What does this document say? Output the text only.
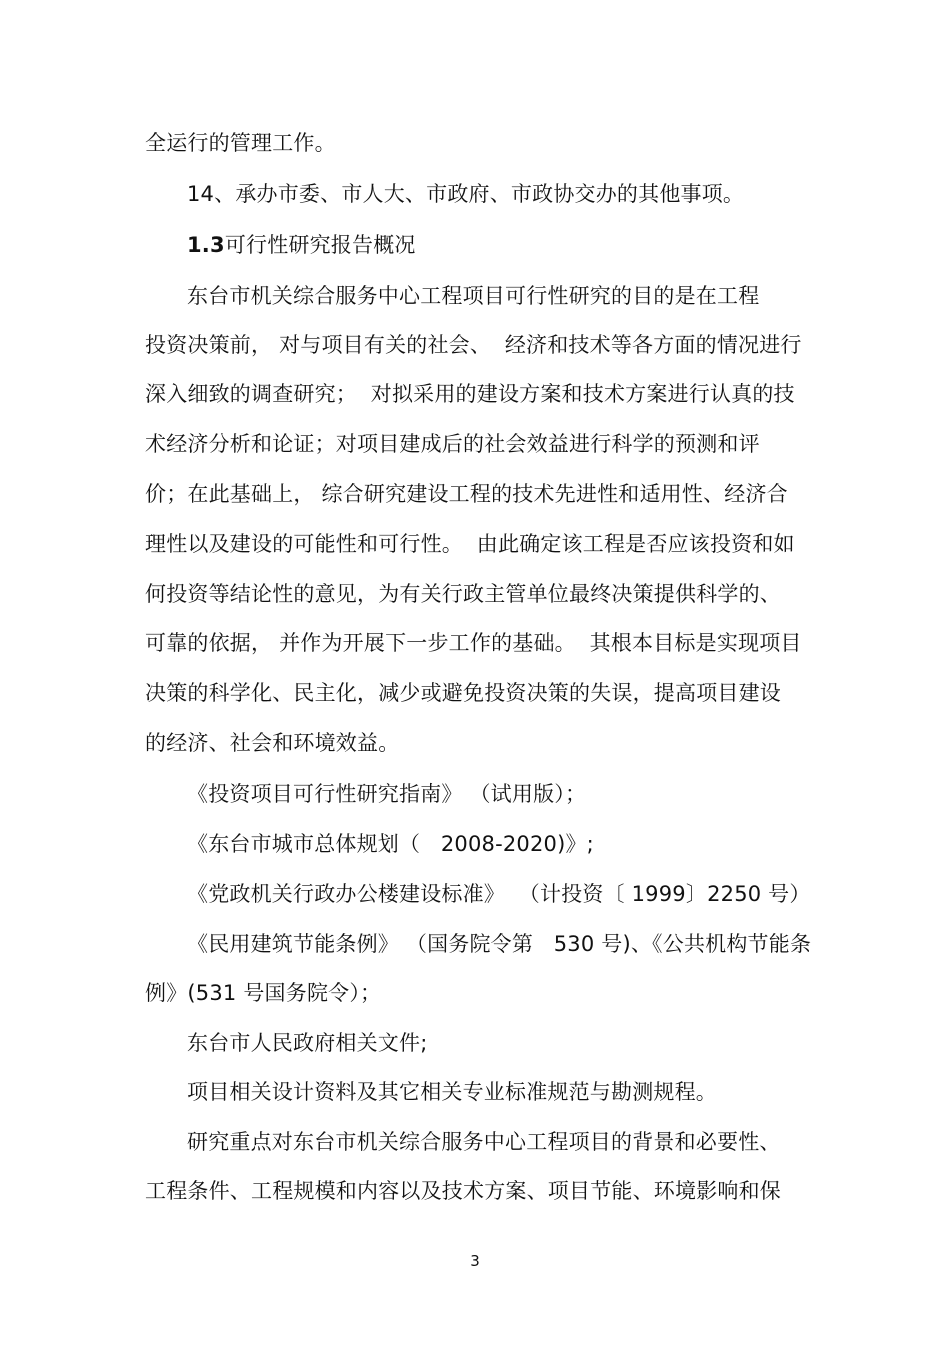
全运行的管理工作。
14、承办市委、市人大、市政府、市政协交办的其他事项。
1.3可行性研究报告概况
东台市机关综合服务中心工程项目可行性研究的目的是在工程
投资决策前， 对与项目有关的社会、  经济和技术等各方面的情况进行
深入细致的调查研究；  对拟采用的建设方案和技术方案进行认真的技
术经济分析和论证；对项目建成后的社会效益进行科学的预测和评
价；在此基础上， 综合研究建设工程的技术先进性和适用性、经济合
理性以及建设的可能性和可行性。  由此确定该工程是否应该投资和如
何投资等结论性的意见，为有关行政主管单位最终决策提供科学的、
可靠的依据， 并作为开展下一步工作的基础。  其根本目标是实现项目
决策的科学化、民主化，减少或避免投资决策的失误，提高项目建设
的经济、社会和环境效益。
《投资项目可行性研究指南》 （试用版）；
《东台市城市总体规划（   2008-2020)》;
《党政机关行政办公楼建设标准》  （计投资〔 1999〕2250 号）
《民用建筑节能条例》 （国务院令第   530 号)、《公共机构节能条
例》(531 号国务院令）；
东台市人民政府相关文件;
项目相关设计资料及其它相关专业标准规范与勘测规程。
研究重点对东台市机关综合服务中心工程项目的背景和必要性、
工程条件、工程规模和内容以及技术方案、项目节能、环境影响和保
3
